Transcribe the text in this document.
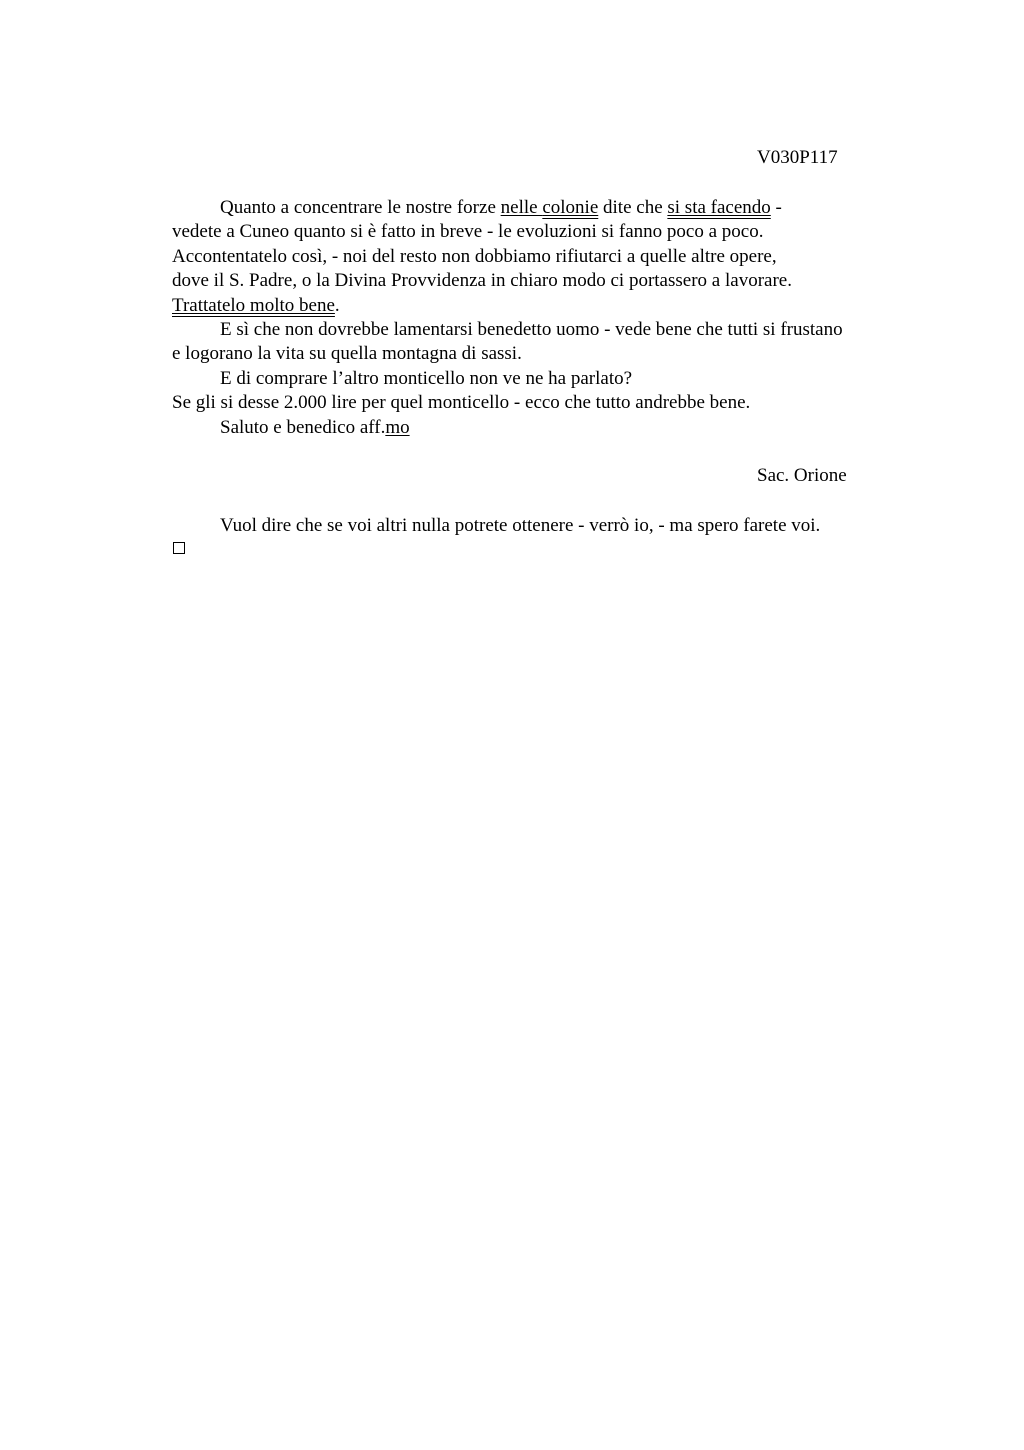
V030P117
Quanto a concentrare le nostre forze nelle colonie dite che si sta facendo -
vedete a Cuneo quanto si è fatto in breve - le evoluzioni si fanno poco a poco.
Accontentatelo così, - noi del resto non dobbiamo rifiutarci a quelle altre opere,
dove il S. Padre, o la Divina Provvidenza in chiaro modo ci portassero a lavorare.
Trattatelo molto bene.
E sì che non dovrebbe lamentarsi benedetto uomo - vede bene che tutti si frustano
e logorano la vita su quella montagna di sassi.
E di comprare l’altro monticello non ve ne ha parlato?
Se gli si desse 2.000 lire per quel monticello - ecco che tutto andrebbe bene.
Saluto e benedico aff.mo
Sac. Orione
Vuol dire che se voi altri nulla potrete ottenere - verrò io, - ma spero farete voi.
